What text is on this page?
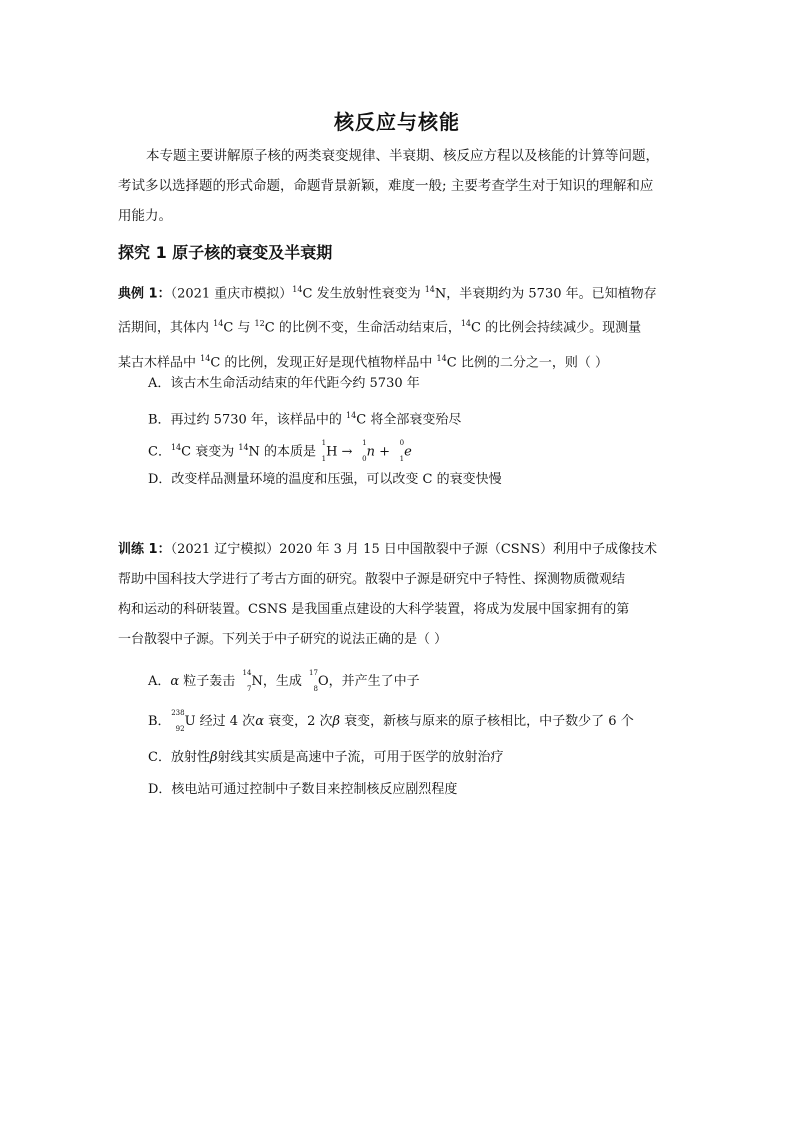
核反应与核能

本专题主要讲解原子核的两类衰变规律、半衰期、核反应方程以及核能的计算等问题，

考试多以选择题的形式命题，命题背景新颖，难度一般; 主要考查学生对于知识的理解和应

用能力。

探究 1 原子核的衰变及半衰期

典例 1：（2021 重庆市模拟）$^{14}$C 发生放射性衰变为 $^{14}$N，半衰期约为 5730 年。已知植物存

活期间，其体内 $^{14}$C 与 $^{12}$C 的比例不变，生命活动结束后，$^{14}$C 的比例会持续减少。现测量

某古木样品中 $^{14}$C 的比例，发现正好是现代植物样品中 $^{14}$C 比例的二分之一，则（ ）

A．该古木生命活动结束的年代距今约 5730 年
B．再过约 5730 年，该样品中的 $^{14}$C 将全部衰变殆尽
C．$^{14}$C 衰变为 $^{14}$N 的本质是
1
1 H →
1
0 n +
0
1 e
D．改变样品测量环境的温度和压强，可以改变 C 的衰变快慢

训练 1：（2021 辽宁模拟）2020 年 3 月 15 日中国散裂中子源（CSNS）利用中子成像技术

帮助中国科技大学进行了考古方面的研究。散裂中子源是研究中子特性、探测物质微观结

构和运动的科研装置。CSNS 是我国重点建设的大科学装置，将成为发展中国家拥有的第

一台散裂中子源。下列关于中子研究的说法正确的是（ ）

A．α 粒子轰击
14
7 N，生成
17
8 O，并产生了中子
B．
238
92 U 经过 4 次α 衰变，2 次β 衰变，新核与原来的原子核相比，中子数少了 6 个
C．放射性β射线其实质是高速中子流，可用于医学的放射治疗
D．核电站可通过控制中子数目来控制核反应剧烈程度
